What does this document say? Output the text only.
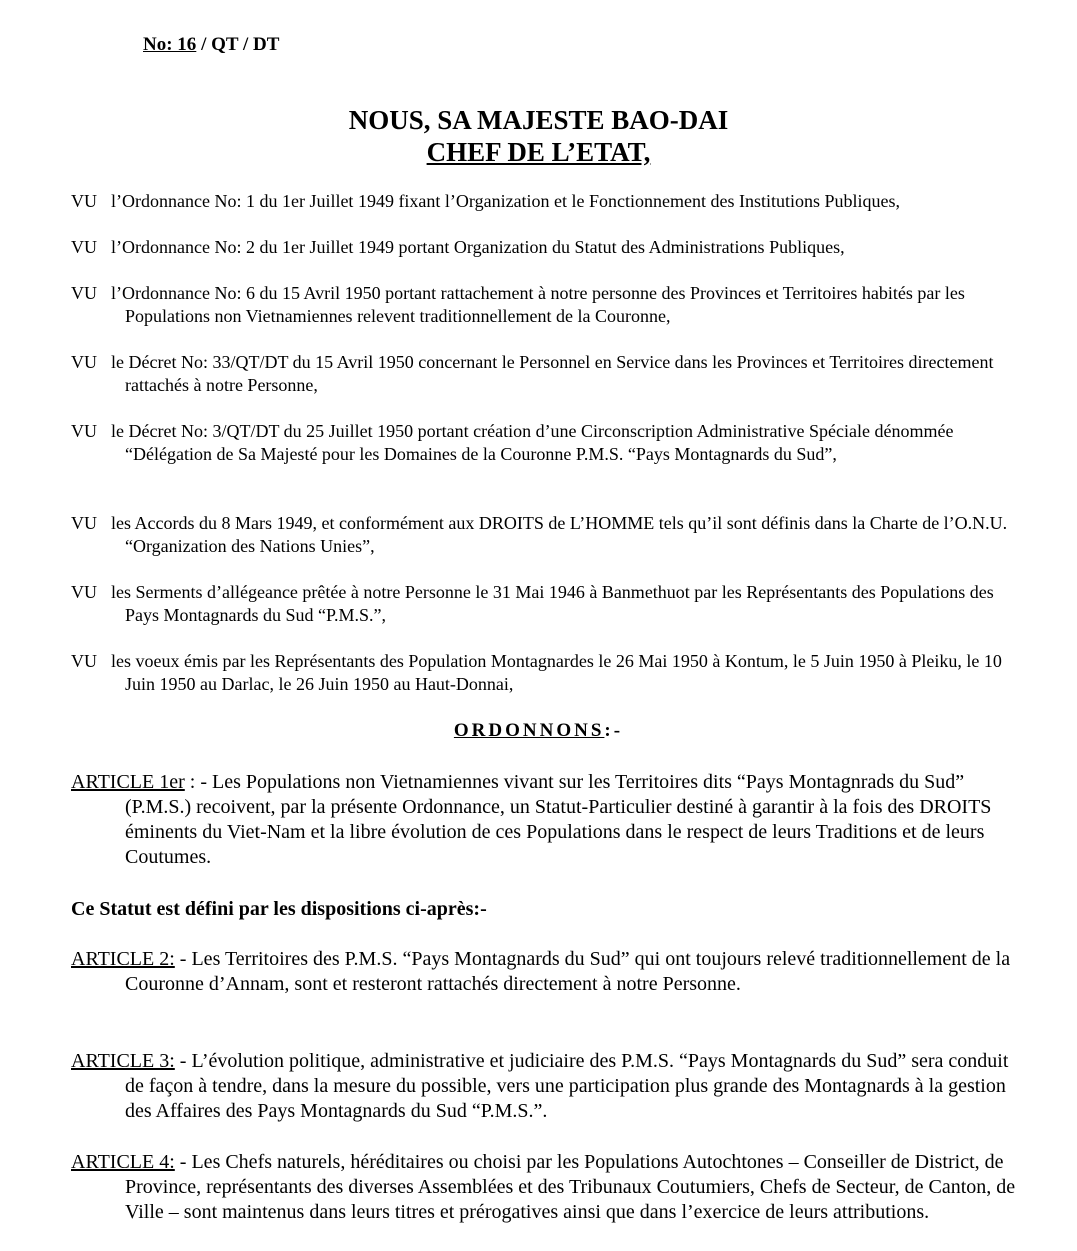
No: 16 / QT / DT
NOUS, SA MAJESTE BAO-DAI
CHEF DE L’ETAT,
VU l’Ordonnance No: 1 du 1er Juillet 1949 fixant l’Organization et le Fonctionnement des Institutions Publiques,
VU l’Ordonnance No: 2 du 1er Juillet 1949 portant Organization du Statut des Administrations Publiques,
VU l’Ordonnance No: 6 du 15 Avril 1950 portant rattachement à notre personne des Provinces et Territoires habités par les Populations non Vietnamiennes relevent traditionnellement de la Couronne,
VU le Décret No: 33/QT/DT du 15 Avril 1950 concernant le Personnel en Service dans les Provinces et Territoires directement rattachés à notre Personne,
VU le Décret No: 3/QT/DT du 25 Juillet 1950 portant création d’une Circonscription Administrative Spéciale dénommée “Délégation de Sa Majesté pour les Domaines de la Couronne P.M.S. “Pays Montagnards du Sud”,
VU les Accords du 8 Mars 1949, et conformément aux DROITS de L’HOMME tels qu’il sont définis dans la Charte de l’O.N.U. “Organization des Nations Unies”,
VU les Serments d’allégeance prêtée à notre Personne le 31 Mai 1946 à Banmethuot par les Représentants des Populations des Pays Montagnards du Sud “P.M.S.”,
VU les voeux émis par les Représentants des Population Montagnardes le 26 Mai 1950 à Kontum, le 5 Juin 1950 à Pleiku, le 10 Juin 1950 au Darlac, le 26 Juin 1950 au Haut-Donnai,
ORDONNONS:-
ARTICLE 1er : - Les Populations non Vietnamiennes vivant sur les Territoires dits “Pays Montagnrads du Sud” (P.M.S.) recoivent, par la présente Ordonnance, un Statut-Particulier destiné à garantir à la fois des DROITS éminents du Viet-Nam et la libre évolution de ces Populations dans le respect de leurs Traditions et de leurs Coutumes.
Ce Statut est défini par les dispositions ci-après:-
ARTICLE 2: - Les Territoires des P.M.S. “Pays Montagnards du Sud” qui ont toujours relevé traditionnellement de la Couronne d’Annam, sont et resteront rattachés directement à notre Personne.
ARTICLE 3: - L’évolution politique, administrative et judiciaire des P.M.S. “Pays Montagnards du Sud” sera conduit de façon à tendre, dans la mesure du possible, vers une participation plus grande des Montagnards à la gestion des Affaires des Pays Montagnards du Sud “P.M.S.”.
ARTICLE 4: - Les Chefs naturels, héréditaires ou choisi par les Populations Autochtones – Conseiller de District, de Province, représentants des diverses Assemblées et des Tribunaux Coutumiers, Chefs de Secteur, de Canton, de Ville – sont maintenus dans leurs titres et prérogatives ainsi que dans l’exercice de leurs attributions.
